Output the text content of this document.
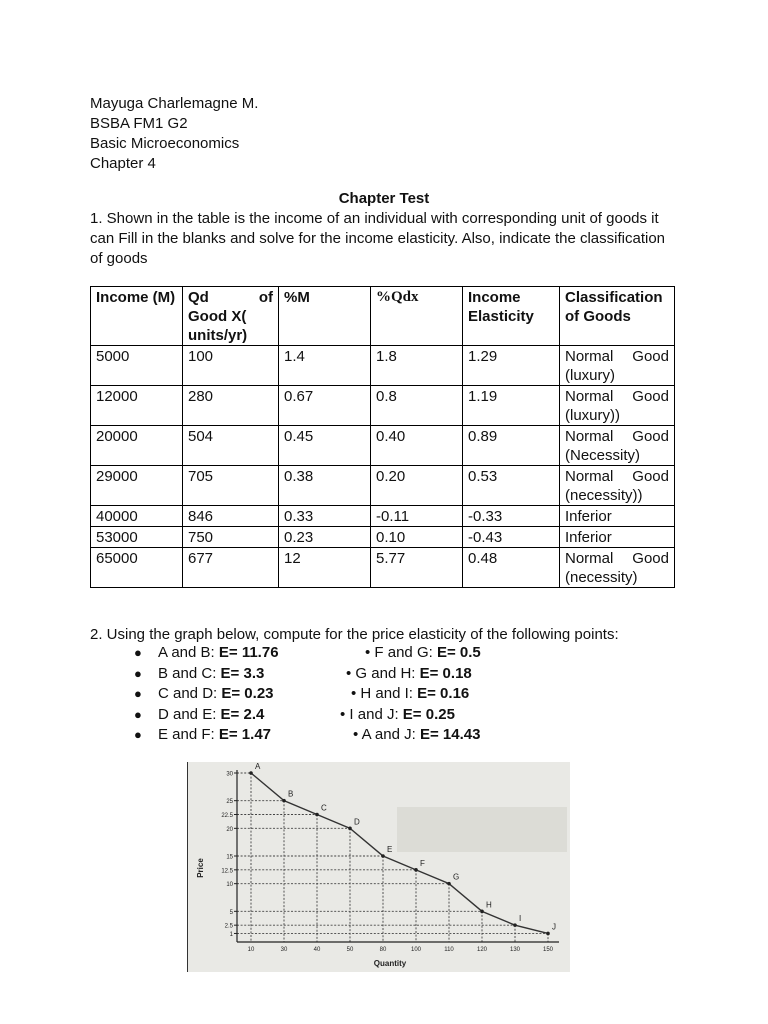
Mayuga Charlemagne M.
BSBA FM1 G2
Basic Microeconomics
Chapter 4
Chapter Test
1. Shown in the table is the income of an individual with corresponding unit of goods it can Fill in the blanks and solve for the income elasticity. Also, indicate the classification of goods
Income (M)	Qd of
Good X( units/yr)	%M	%Qdx	Income Elasticity	Classification of Goods
5000	100	1.4	1.8	1.29	Normal Good
(luxury)

12000	280	0.67	0.8	1.19	Normal Good
(luxury))

20000	504	0.45	0.40	0.89	Normal Good
(Necessity)

29000	705	0.38	0.20	0.53	Normal Good
(necessity))

40000	846	0.33	-0.11	-0.33	Inferior
53000	750	0.23	0.10	-0.43	Inferior
65000	677	12	5.77	0.48	Normal Good
(necessity)
2. Using the graph below, compute for the price elasticity of the following points:
● A and B: E= 11.76
● B and C: E= 3.3
● C and D: E= 0.23
● D and E: E= 2.4
● E and F: E= 1.47
• F and G: E= 0.5
• G and H: E= 0.18
• H and I: E= 0.16
• I and J: E= 0.25
• A and J: E= 14.43
30
25
22.5
20
15
12.5
10
5
2.5
1
10	30	40	50	80	100	110	120	130	150
A
B
C
D
E
F
G
H
I
J
Price
Quantity
